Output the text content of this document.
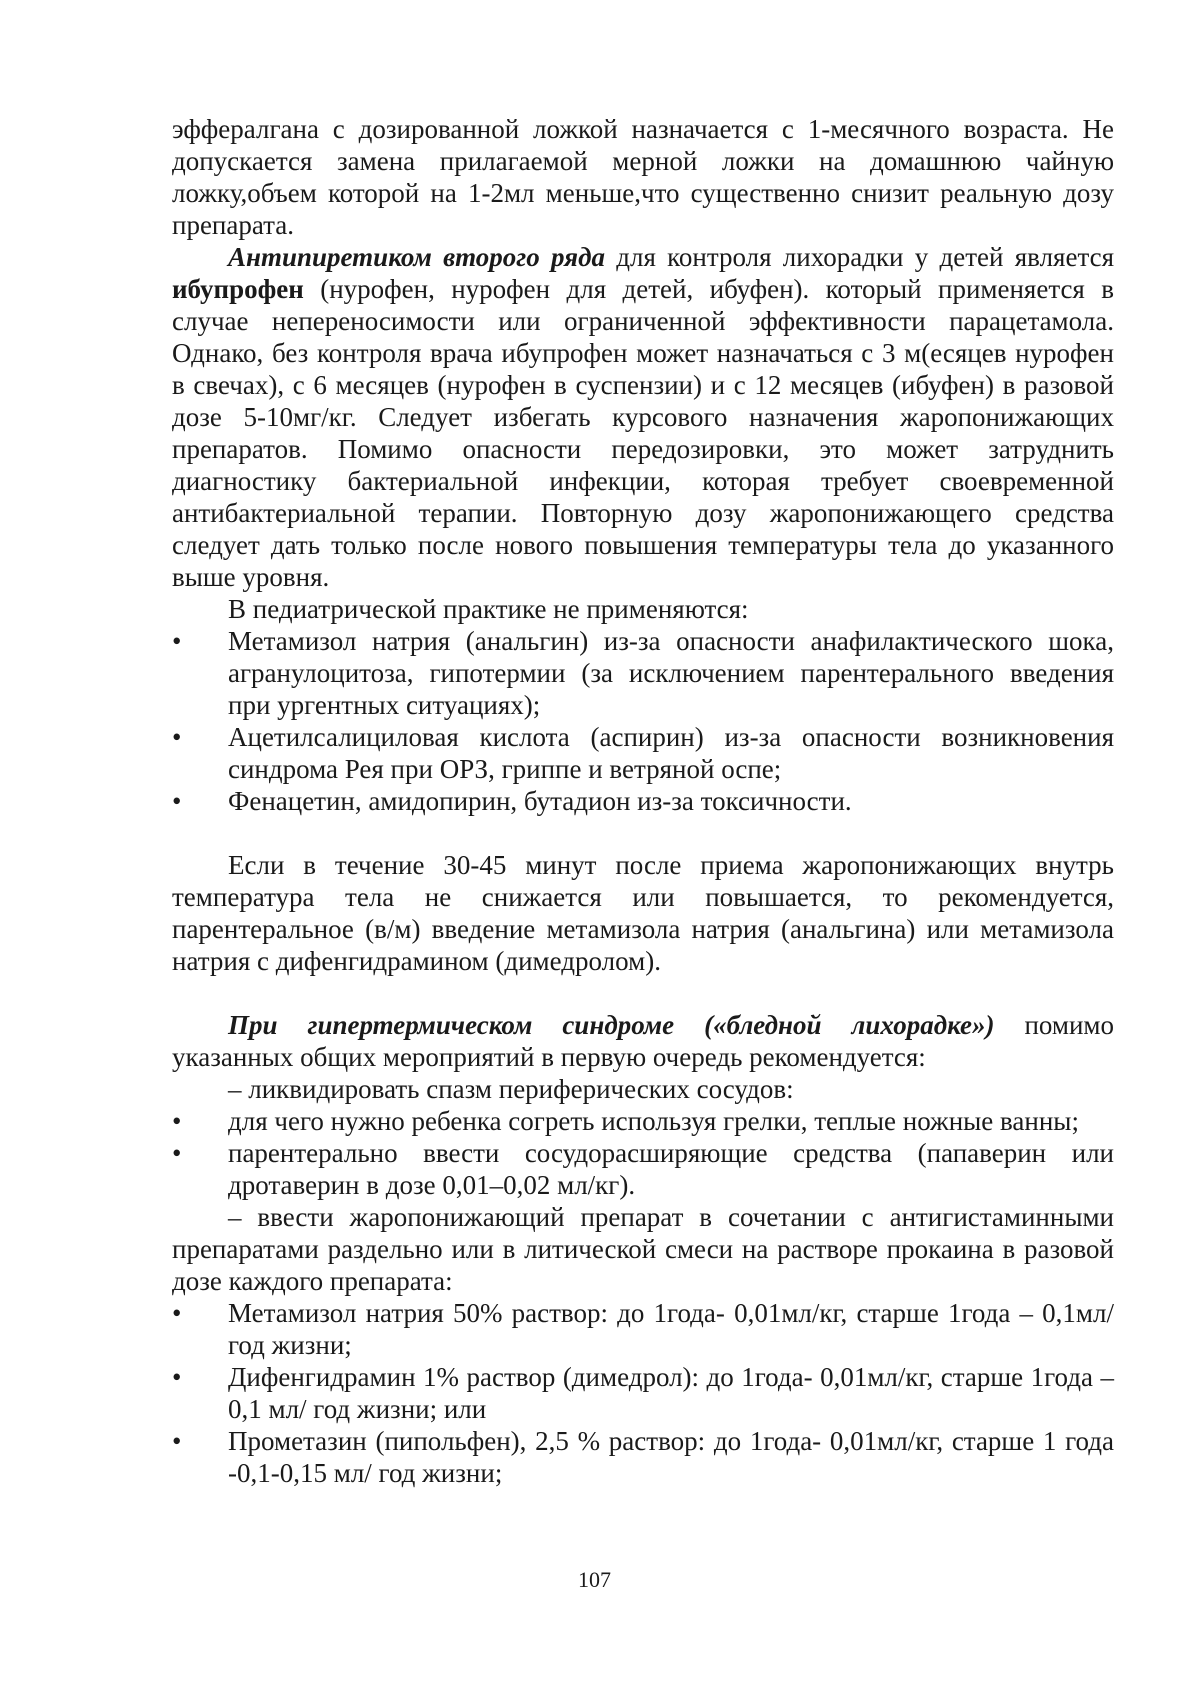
эффералгана с дозированной ложкой назначается с 1-месячного возраста. Не допускается замена прилагаемой мерной ложки на домашнюю чайную ложку,объем которой на 1-2мл меньше,что существенно снизит реальную дозу препарата.

Антипиретиком второго ряда для контроля лихорадки у детей является ибупрофен (нурофен, нурофен для детей, ибуфен). который применяется в случае непереносимости или ограниченной эффективности парацетамола. Однако, без контроля врача ибупрофен может назначаться с 3 м(есяцев нурофен в свечах), с 6 месяцев (нурофен в суспензии) и с 12 месяцев (ибуфен) в разовой дозе 5-10мг/кг. Следует избегать курсового назначения жаропонижающих препаратов. Помимо опасности передозировки, это может затруднить диагностику бактериальной инфекции, которая требует своевременной антибактериальной терапии. Повторную дозу жаропонижающего средства следует дать только после нового повышения температуры тела до указанного выше уровня.

В педиатрической практике не применяются:

•	Метамизол натрия (анальгин) из-за опасности анафилактического шока, агранулоцитоза, гипотермии (за исключением парентерального введения при ургентных ситуациях);

•	Ацетилсалициловая кислота (аспирин) из-за опасности возникновения синдрома Рея при ОРЗ, гриппе и ветряной оспе;

•	Фенацетин, амидопирин, бутадион из-за токсичности.

Если в течение 30-45 минут после приема жаропонижающих внутрь температура тела не снижается или повышается, то рекомендуется, парентеральное (в/м) введение метамизола натрия (анальгина) или метамизола натрия с дифенгидрамином (димедролом).

При гипертермическом синдроме («бледной лихорадке») помимо указанных общих мероприятий в первую очередь рекомендуется:

– ликвидировать спазм периферических сосудов:

•	для чего нужно ребенка согреть используя грелки, теплые ножные ванны;

•	парентерально ввести сосудорасширяющие средства (папаверин или дротаверин в дозе 0,01–0,02 мл/кг).

– ввести жаропонижающий препарат в сочетании с антигистаминными препаратами раздельно или в литической смеси на растворе прокаина в разовой дозе каждого препарата:

•	Метамизол натрия 50% раствор: до 1года- 0,01мл/кг, старше 1года – 0,1мл/год жизни;

•	Дифенгидрамин 1% раствор (димедрол): до 1года- 0,01мл/кг, старше 1года –0,1 мл/ год жизни; или

•	Прометазин (пипольфен), 2,5 % раствор: до 1года- 0,01мл/кг, старше 1 года -0,1-0,15 мл/ год жизни;

107
